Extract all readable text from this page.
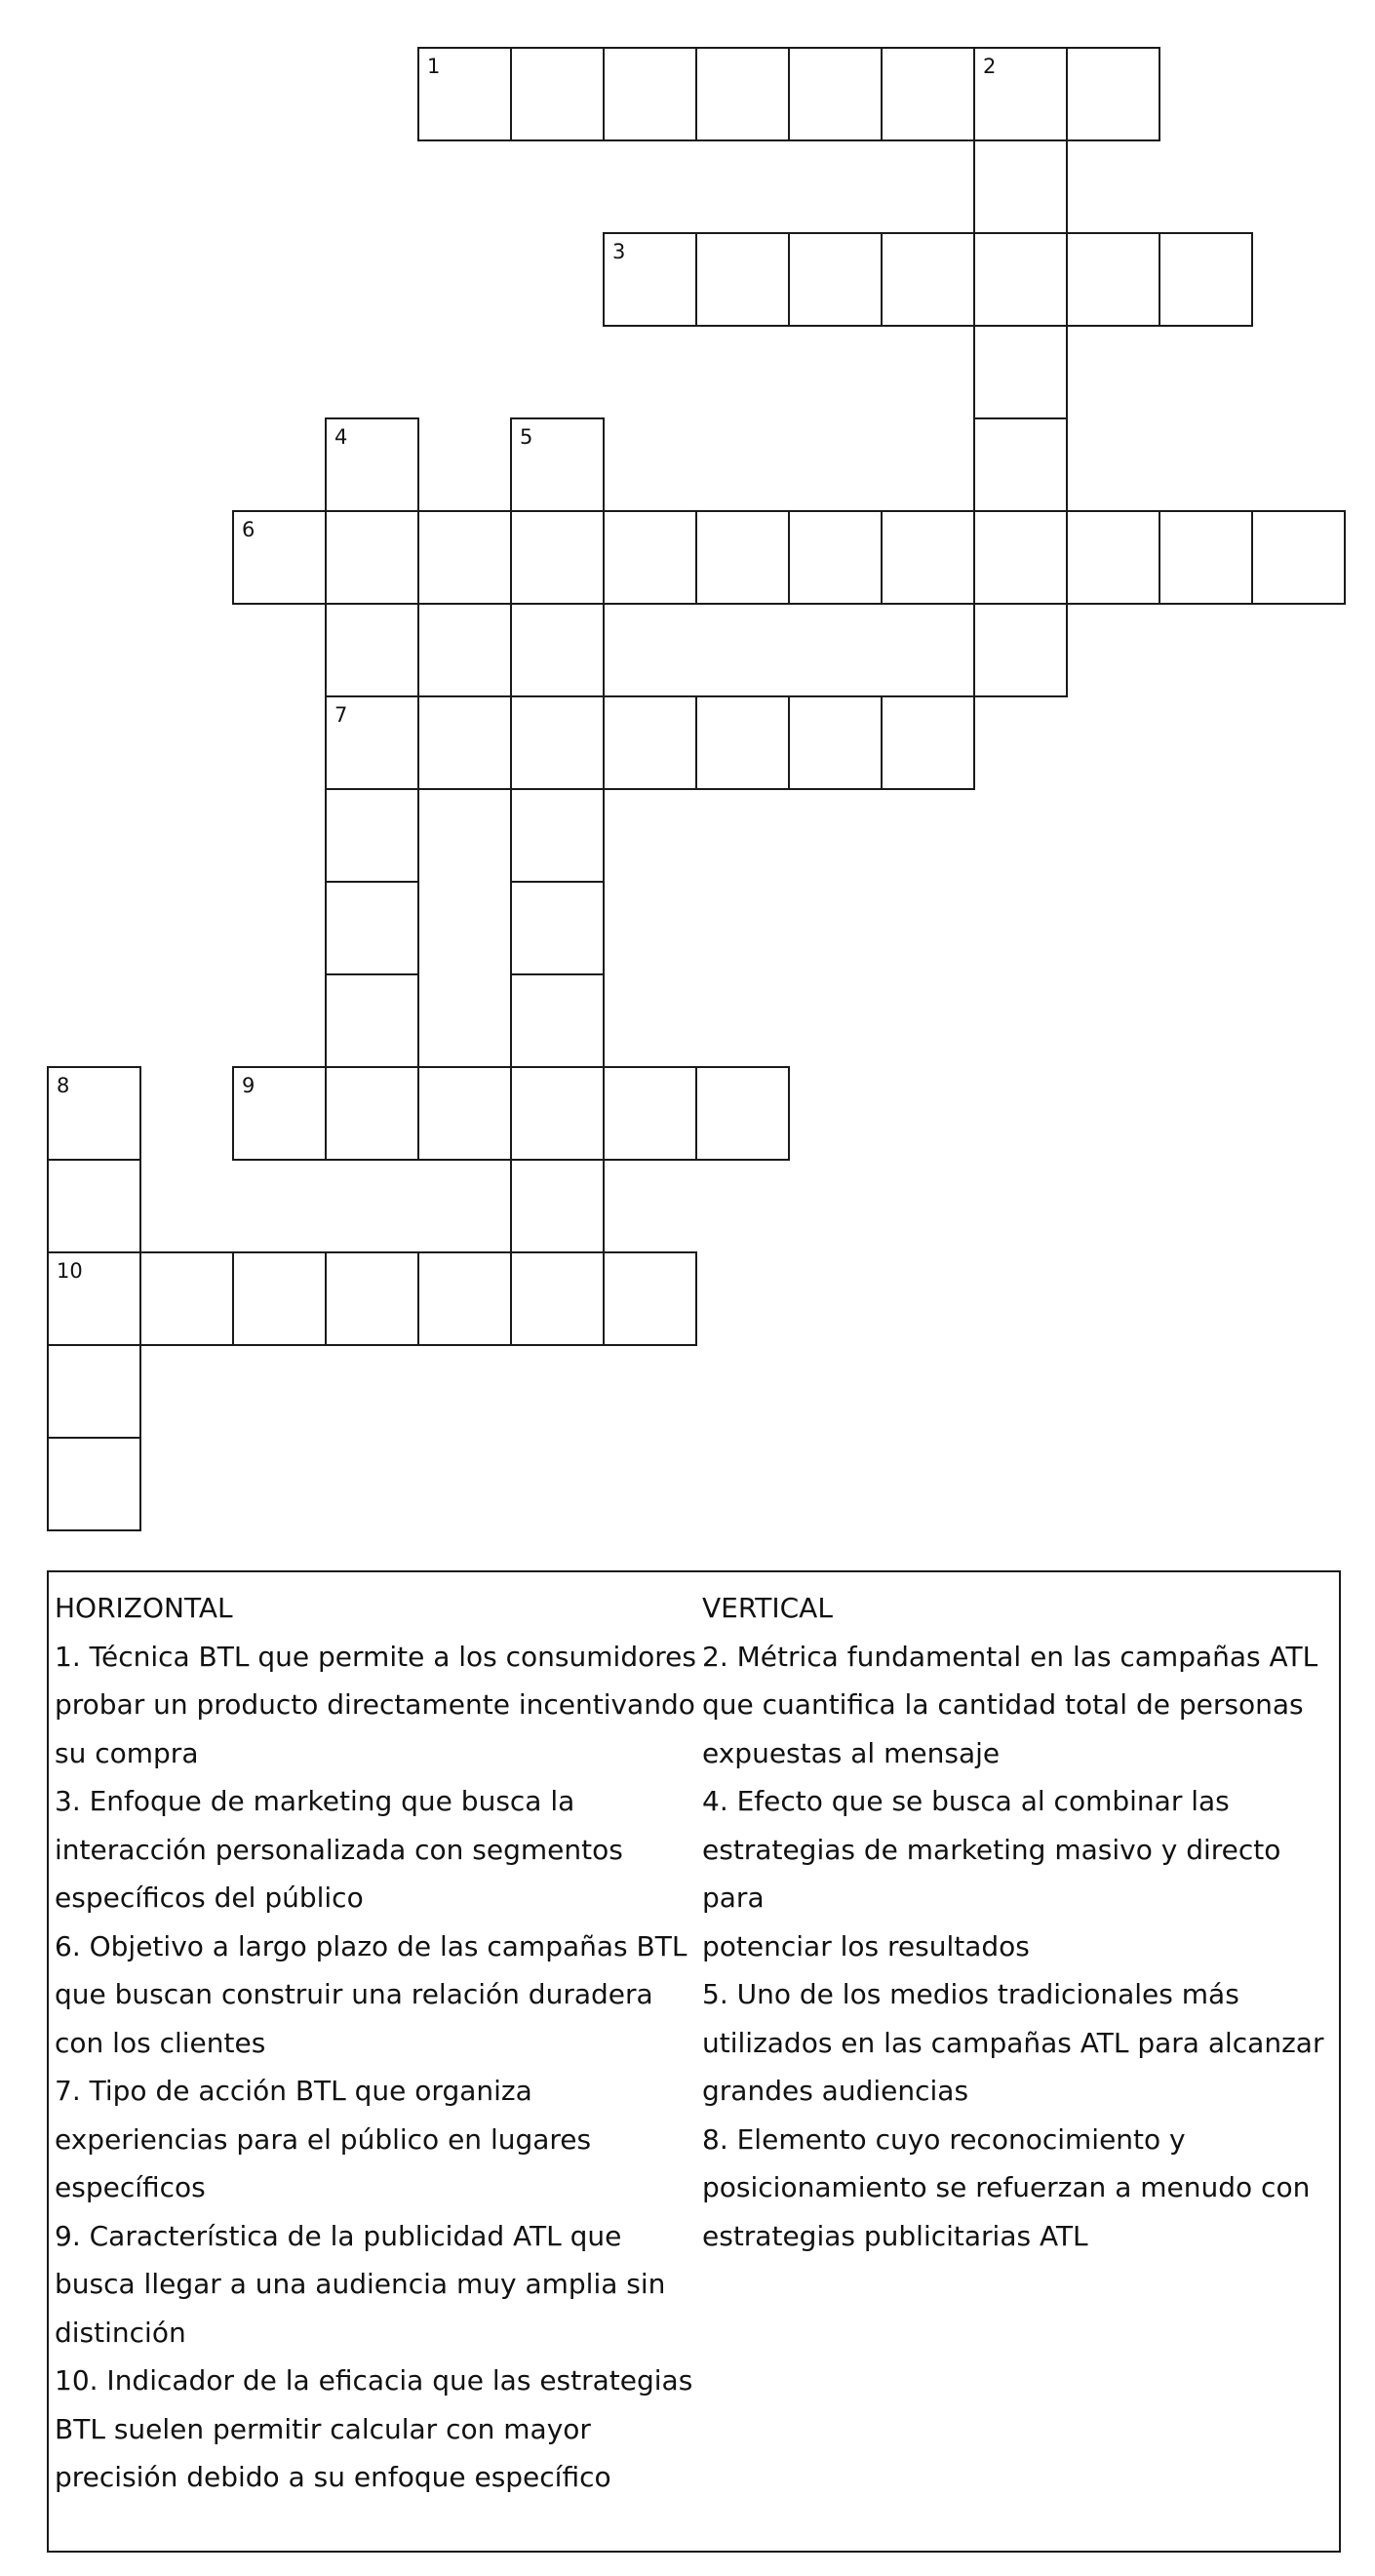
1	2
3
4	5
6
7
8	9
10
HORIZONTAL
1. Técnica BTL que permite a los consumidores
probar un producto directamente incentivando
su compra
3. Enfoque de marketing que busca la
interacción personalizada con segmentos
específicos del público
6. Objetivo a largo plazo de las campañas BTL
que buscan construir una relación duradera
con los clientes
7. Tipo de acción BTL que organiza
experiencias para el público en lugares
específicos
9. Característica de la publicidad ATL que
busca llegar a una audiencia muy amplia sin
distinción
10. Indicador de la eficacia que las estrategias
BTL suelen permitir calcular con mayor
precisión debido a su enfoque específico
VERTICAL
2. Métrica fundamental en las campañas ATL
que cuantifica la cantidad total de personas
expuestas al mensaje
4. Efecto que se busca al combinar las
estrategias de marketing masivo y directo para
potenciar los resultados
5. Uno de los medios tradicionales más
utilizados en las campañas ATL para alcanzar
grandes audiencias
8. Elemento cuyo reconocimiento y
posicionamiento se refuerzan a menudo con
estrategias publicitarias ATL
